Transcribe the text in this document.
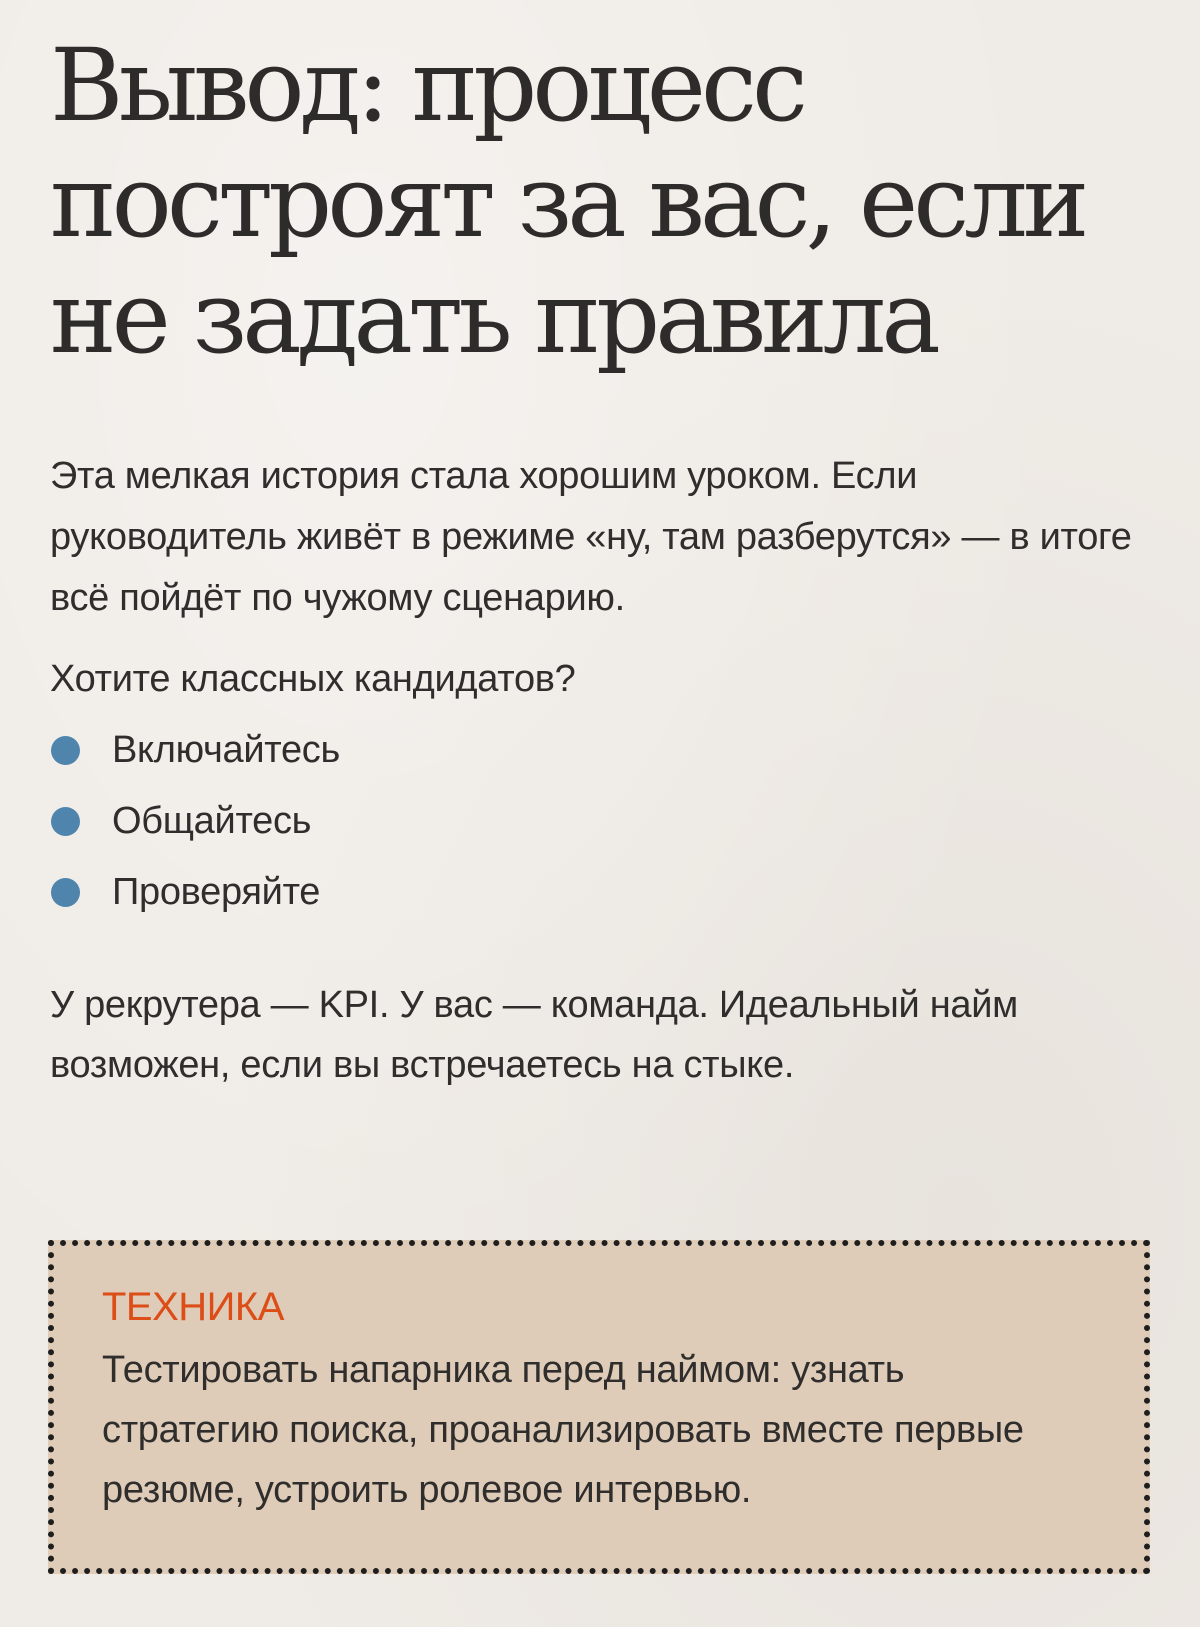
Вывод: процесс построят за вас, если не задать правила

Эта мелкая история стала хорошим уроком. Если руководитель живёт в режиме «ну, там разберутся» — в итоге всё пойдёт по чужому сценарию.

Хотите классных кандидатов?

Включайтесь
Общайтесь
Проверяйте

У рекрутера — KPI. У вас — команда. Идеальный найм возможен, если вы встречаетесь на стыке.

ТЕХНИКА

Тестировать напарника перед наймом: узнать стратегию поиска, проанализировать вместе первые резюме, устроить ролевое интервью.
